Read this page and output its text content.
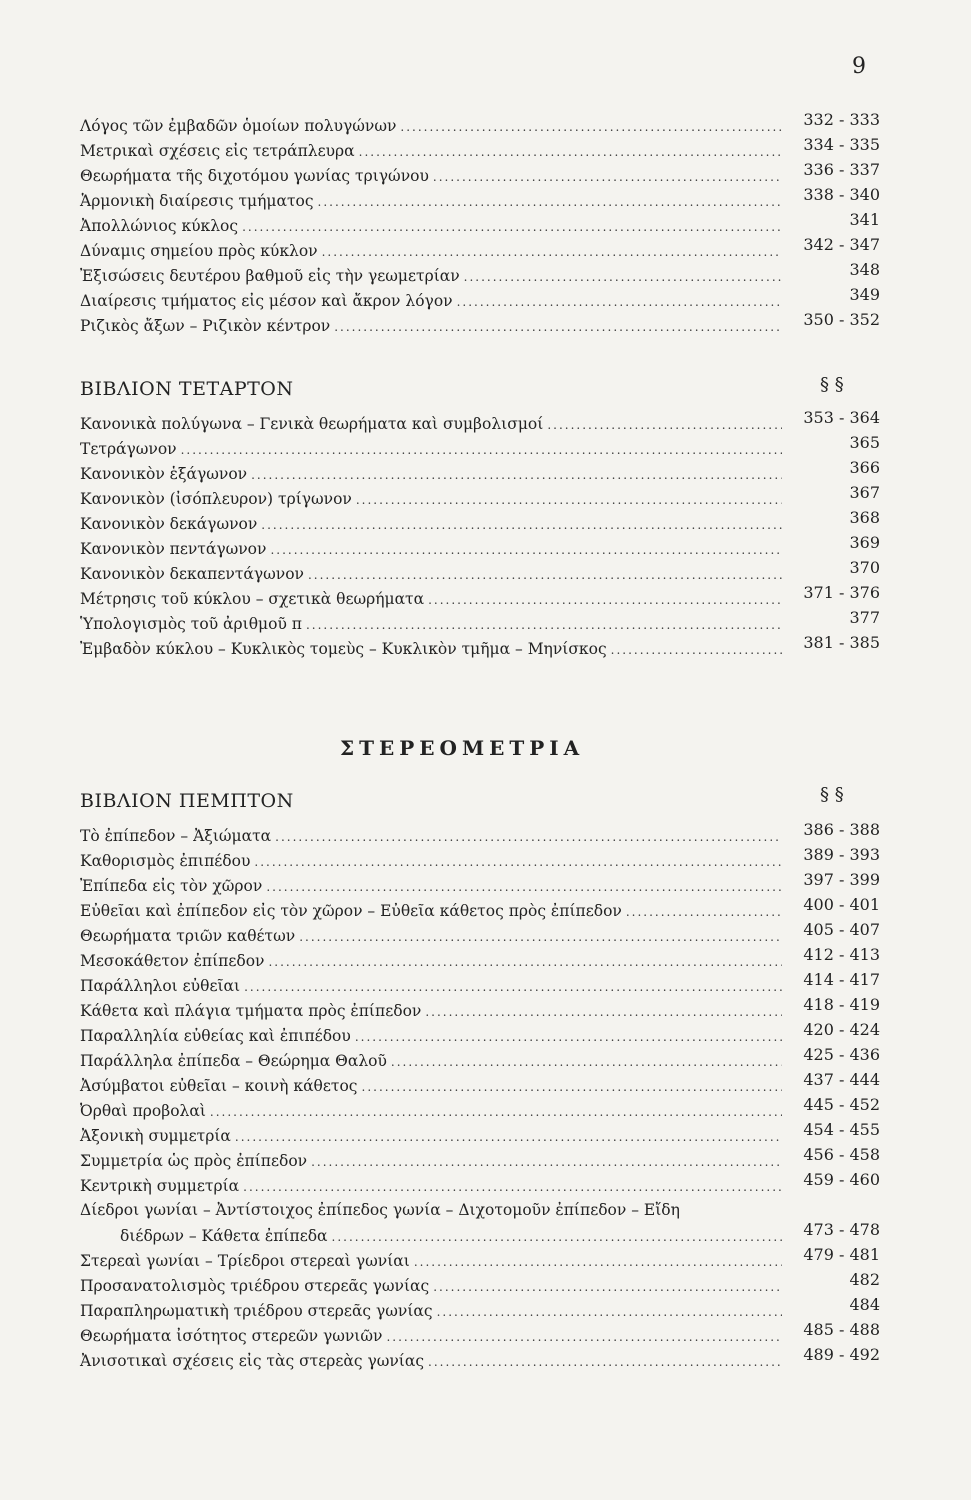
9
Λόγος τῶν ἐμβαδῶν ὁμοίων πολυγώνων .....	332 - 333
Μετρικαὶ σχέσεις εἰς τετράπλευρα .....	334 - 335
Θεωρήματα τῆς διχοτόμου γωνίας τριγώνου .....	336 - 337
Ἁρμονικὴ διαίρεσις τμήματος .....	338 - 340
Ἀπολλώνιος κύκλος .....	341
Δύναμις σημείου πρὸς κύκλον .....	342 - 347
Ἐξισώσεις δευτέρου βαθμοῦ εἰς τὴν γεωμετρίαν .....	348
Διαίρεσις τμήματος εἰς μέσον καὶ ἄκρον λόγον .....	349
Ριζικὸς ἄξων – Ριζικὸν κέντρον .....	350 - 352
ΒΙΒΛΙΟΝ ΤΕΤΑΡΤΟΝ	§ §
Κανονικὰ πολύγωνα – Γενικὰ θεωρήματα καὶ συμβολισμοί .....	353 - 364
Τετράγωνον .....	365
Κανονικὸν ἑξάγωνον .....	366
Κανονικὸν (ἰσόπλευρον) τρίγωνον .....	367
Κανονικὸν δεκάγωνον .....	368
Κανονικὸν πεντάγωνον .....	369
Κανονικὸν δεκαπεντάγωνον .....	370
Μέτρησις τοῦ κύκλου – σχετικὰ θεωρήματα .....	371 - 376
Ὑπολογισμὸς τοῦ ἀριθμοῦ π .....	377
Ἐμβαδὸν κύκλου – Κυκλικὸς τομεὺς – Κυκλικὸν τμῆμα – Μηνίσκος .....	381 - 385
ΣΤΕΡΕΟΜΕΤΡΙΑ
ΒΙΒΛΙΟΝ ΠΕΜΠΤΟΝ	§ §
Τὸ ἐπίπεδον – Ἀξιώματα .....	386 - 388
Καθορισμὸς ἐπιπέδου .....	389 - 393
Ἐπίπεδα εἰς τὸν χῶρον .....	397 - 399
Εὐθεῖαι καὶ ἐπίπεδον εἰς τὸν χῶρον – Εὐθεῖα κάθετος πρὸς ἐπίπεδον .....	400 - 401
Θεωρήματα τριῶν καθέτων .....	405 - 407
Μεσοκάθετον ἐπίπεδον .....	412 - 413
Παράλληλοι εὐθεῖαι .....	414 - 417
Κάθετα καὶ πλάγια τμήματα πρὸς ἐπίπεδον .....	418 - 419
Παραλληλία εὐθείας καὶ ἐπιπέδου .....	420 - 424
Παράλληλα ἐπίπεδα – Θεώρημα Θαλοῦ .....	425 - 436
Ἀσύμβατοι εὐθεῖαι – κοινὴ κάθετος .....	437 - 444
Ὀρθαὶ προβολαὶ .....	445 - 452
Ἀξονικὴ συμμετρία .....	454 - 455
Συμμετρία ὡς πρὸς ἐπίπεδον .....	456 - 458
Κεντρικὴ συμμετρία .....	459 - 460
Δίεδροι γωνίαι – Ἀντίστοιχος ἐπίπεδος γωνία – Διχοτομοῦν ἐπίπεδον – Εἴδη
διέδρων – Κάθετα ἐπίπεδα .....	473 - 478
Στερεαὶ γωνίαι – Τρίεδροι στερεαὶ γωνίαι .....	479 - 481
Προσανατολισμὸς τριέδρου στερεᾶς γωνίας .....	482
Παραπληρωματικὴ τριέδρου στερεᾶς γωνίας .....	484
Θεωρήματα ἰσότητος στερεῶν γωνιῶν .....	485 - 488
Ἀνισοτικαὶ σχέσεις εἰς τὰς στερεὰς γωνίας .....	489 - 492
